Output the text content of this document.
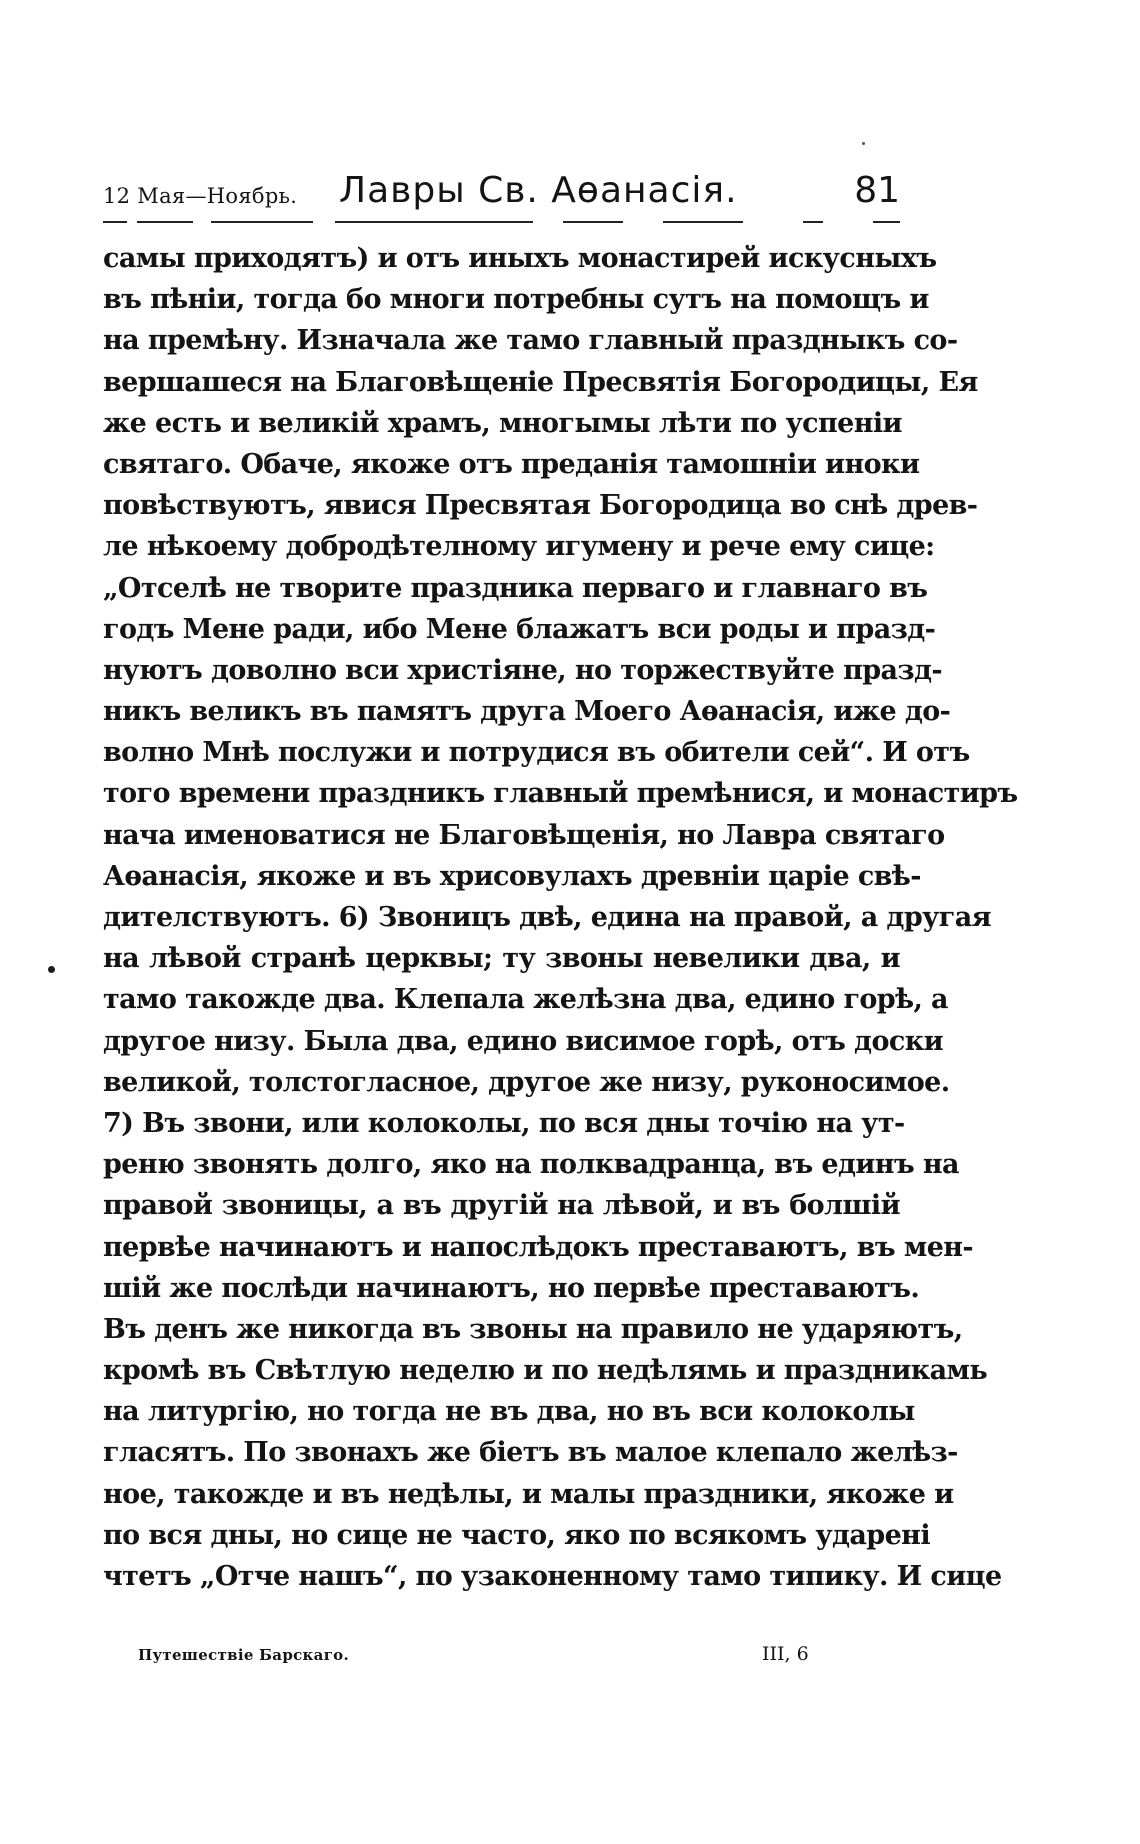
12 Мая—Ноябрь. Лавры Св. Аѳанасія.	81
самы приходятъ) и отъ иныхъ монастирей искусныхъ
въ пѣніи, тогда бо многи потребны сутъ на помощъ и
на премѣну. Изначала же тамо главный праздныкъ со-
вершашеся на Благовѣщеніе Пресвятія Богородицы, Ея
же есть и великій храмъ, многымы лѣти по успеніи
святаго. Обаче, якоже отъ преданія тамошніи иноки
повѣствуютъ, явися Пресвятая Богородица во снѣ древ-
ле нѣкоему добродѣтелному игумену и рече ему сице:
„Отселѣ не творите праздника перваго и главнаго въ
годъ Мене ради, ибо Мене блажатъ вси роды и празд-
нуютъ доволно вси христіяне, но торжествуйте празд-
никъ великъ въ памятъ друга Моего Аѳанасія, иже до-
волно Мнѣ послужи и потрудися въ обители сей“. И отъ
того времени праздникъ главный премѣнися, и монастиръ
нача именоватися не Благовѣщенія, но Лавра святаго
Аѳанасія, якоже и въ хрисовулахъ древніи царіе свѣ-
дителствуютъ. 6) Звоницъ двѣ, едина на правой, а другая
на лѣвой странѣ церквы; ту звоны невелики два, и
тамо такожде два. Клепала желѣзна два, едино горѣ, а
другое низу. Была два, едино висимое горѣ, отъ доски
великой, толстогласное, другое же низу, руконосимое.
7) Въ звони, или колоколы, по вся дны точію на ут-
реню звонять долго, яко на полквадранца, въ единъ на
правой звоницы, а въ другій на лѣвой, и въ болшій
первѣе начинаютъ и напослѣдокъ преставаютъ, въ мен-
шій же послѣди начинаютъ, но первѣе преставаютъ.
Въ денъ же никогда въ звоны на правило не ударяютъ,
кромѣ въ Свѣтлую неделю и по недѣлямь и праздникамь
на литургію, но тогда не въ два, но въ вси колоколы
гласятъ. По звонахъ же біетъ въ малое клепало желѣз-
ное, такожде и въ недѣлы, и малы праздники, якоже и
по вся дны, но сице не часто, яко по всякомъ ударені
чтетъ „Отче нашъ“, по узаконенному тамо типику. И сице
Путешествіе Барскаго.	III, 6
